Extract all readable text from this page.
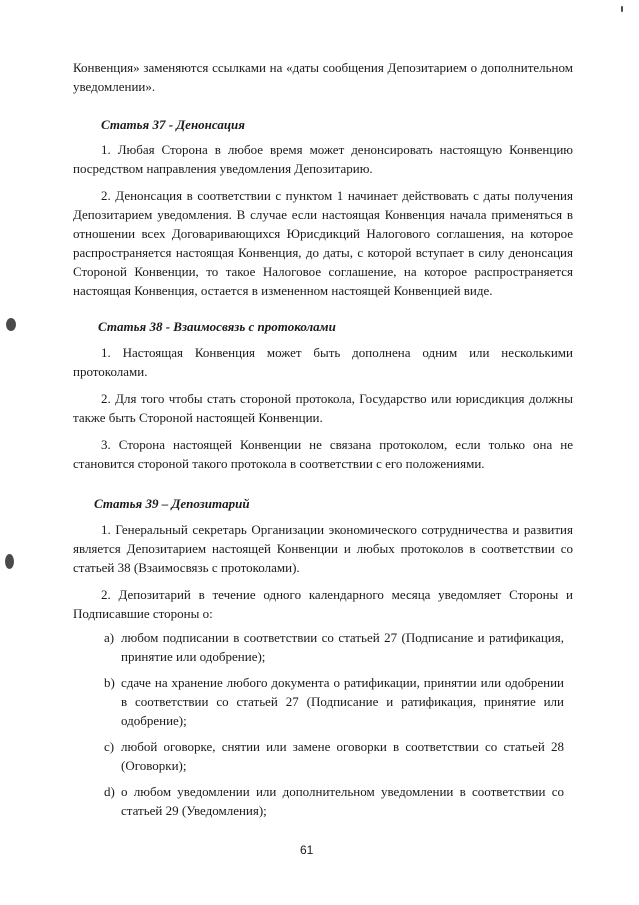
Конвенция» заменяются ссылками на «даты сообщения Депозитарием о дополнительном уведомлении».

Статья 37 - Денонсация

1. Любая Сторона в любое время может денонсировать настоящую Конвенцию посредством направления уведомления Депозитарию.

2. Денонсация в соответствии с пунктом 1 начинает действовать с даты получения Депозитарием уведомления. В случае если настоящая Конвенция начала применяться в отношении всех Договаривающихся Юрисдикций Налогового соглашения, на которое распространяется настоящая Конвенция, до даты, с которой вступает в силу денонсация Стороной Конвенции, то такое Налоговое соглашение, на которое распространяется настоящая Конвенция, остается в измененном настоящей Конвенцией виде.

Статья 38 - Взаимосвязь с протоколами

1. Настоящая Конвенция может быть дополнена одним или несколькими протоколами.

2. Для того чтобы стать стороной протокола, Государство или юрисдикция должны также быть Стороной настоящей Конвенции.

3. Сторона настоящей Конвенции не связана протоколом, если только она не становится стороной такого протокола в соответствии с его положениями.

Статья 39 – Депозитарий

1. Генеральный секретарь Организации экономического сотрудничества и развития является Депозитарием настоящей Конвенции и любых протоколов в соответствии со статьей 38 (Взаимосвязь с протоколами).

2. Депозитарий в течение одного календарного месяца уведомляет Стороны и Подписавшие стороны о:

a) любом подписании в соответствии со статьей 27 (Подписание и ратификация, принятие или одобрение);

b) сдаче на хранение любого документа о ратификации, принятии или одобрении в соответствии со статьей 27 (Подписание и ратификация, принятие или одобрение);

c) любой оговорке, снятии или замене оговорки в соответствии со статьей 28 (Оговорки);

d) о любом уведомлении или дополнительном уведомлении в соответствии со статьей 29 (Уведомления);

61
